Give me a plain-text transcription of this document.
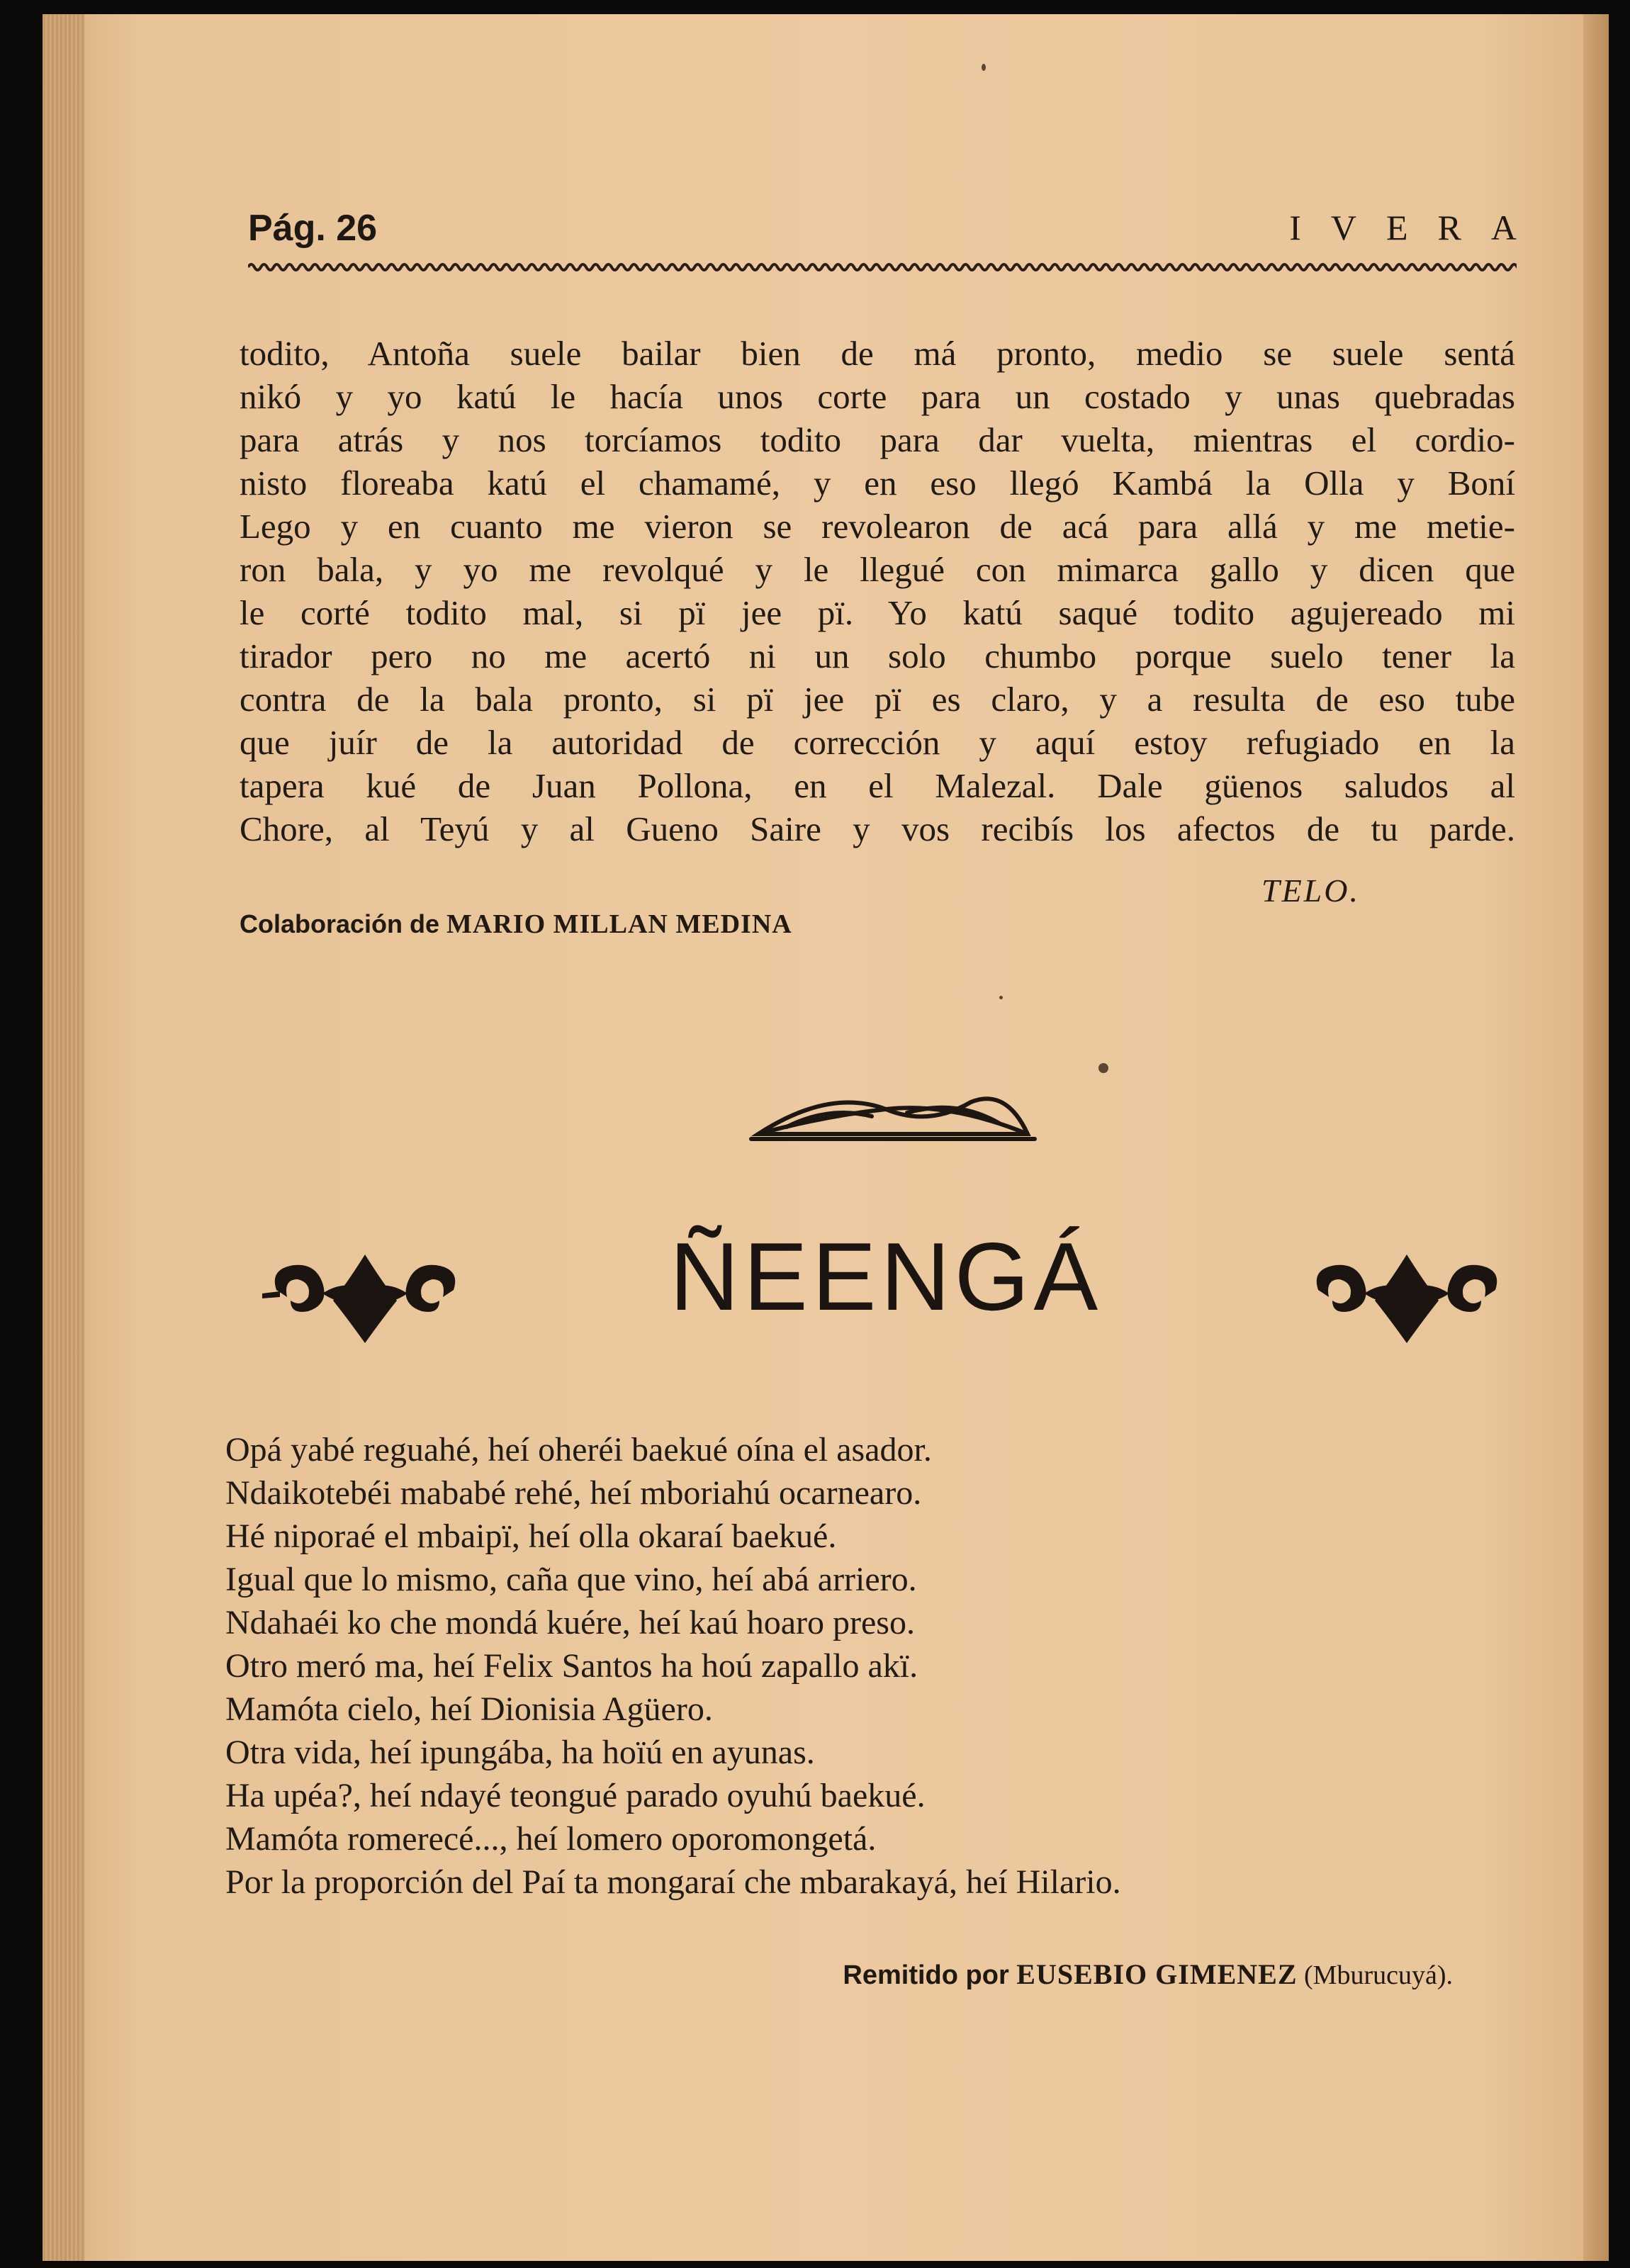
Pág. 26	IVERA
todito, Antoña suele bailar bien de má pronto, medio se suele sentá
nikó y yo katú le hacía unos corte para un costado y unas quebradas
para atrás y nos torcíamos todito para dar vuelta, mientras el cordio-
nisto floreaba katú el chamamé, y en eso llegó Kambá la Olla y Boní
Lego y en cuanto me vieron se revolearon de acá para allá y me metie-
ron bala, y yo me revolqué y le llegué con mimarca gallo y dicen que
le corté todito mal, si pï jee pï. Yo katú saqué todito agujereado mi
tirador pero no me acertó ni un solo chumbo porque suelo tener la
contra de la bala pronto, si pï jee pï es claro, y a resulta de eso tube
que juír de la autoridad de corrección y aquí estoy refugiado en la
tapera kué de Juan Pollona, en el Malezal. Dale güenos saludos al
Chore, al Teyú y al Gueno Saire y vos recibís los afectos de tu parde.
TELO.
Colaboración de MARIO MILLAN MEDINA
ÑEENGÁ
Opá yabé reguahé, heí oheréi baekué oína el asador.
Ndaikotebéi mababé rehé, heí mboriahú ocarnearo.
Hé niporaé el mbaipï, heí olla okaraí baekué.
Igual que lo mismo, caña que vino, heí abá arriero.
Ndahaéi ko che mondá kuére, heí kaú hoaro preso.
Otro meró ma, heí Felix Santos ha hoú zapallo akï.
Mamóta cielo, heí Dionisia Agüero.
Otra vida, heí ipungába, ha hoïú en ayunas.
Ha upéa?, heí ndayé teongué parado oyuhú baekué.
Mamóta romerecé..., heí lomero oporomongetá.
Por la proporción del Paí ta mongaraí che mbarakayá, heí Hilario.
Remitido por EUSEBIO GIMENEZ (Mburucuyá).
